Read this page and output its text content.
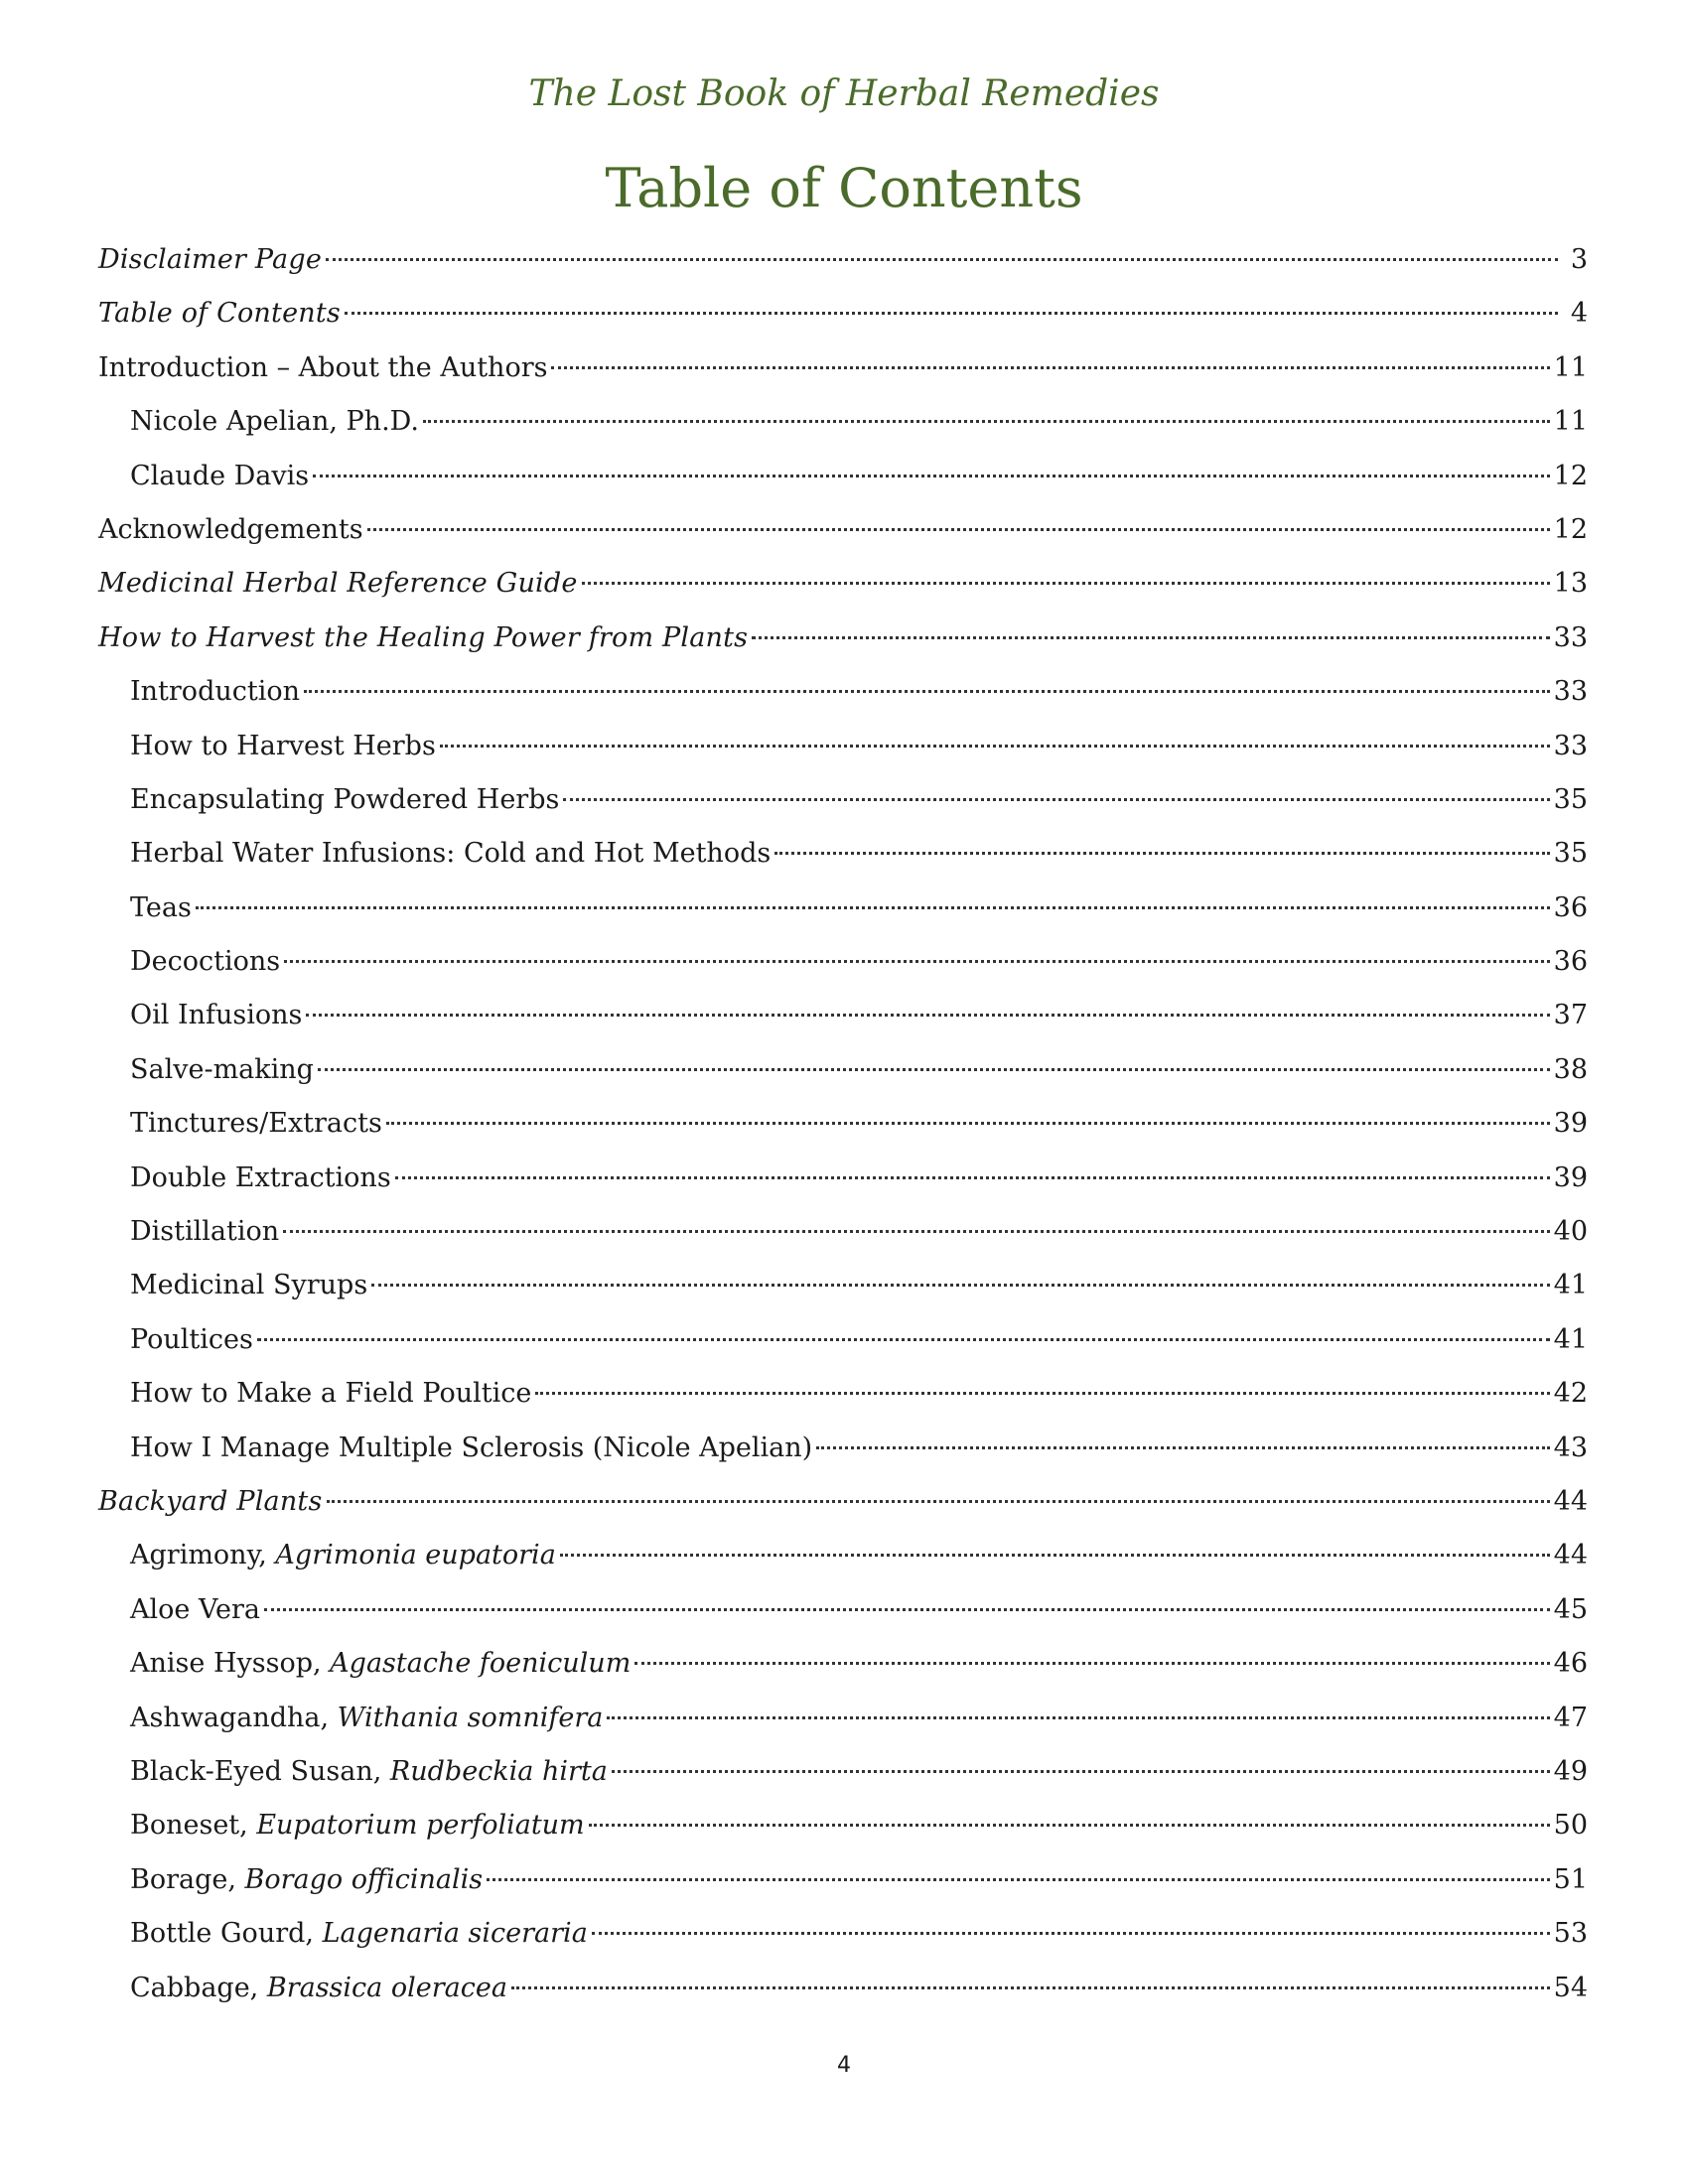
The Lost Book of Herbal Remedies
Table of Contents
Disclaimer Page	3
Table of Contents	4
Introduction – About the Authors	11
Nicole Apelian, Ph.D.	11
Claude Davis	12
Acknowledgements	12
Medicinal Herbal Reference Guide	13
How to Harvest the Healing Power from Plants	33
Introduction	33
How to Harvest Herbs	33
Encapsulating Powdered Herbs	35
Herbal Water Infusions: Cold and Hot Methods	35
Teas	36
Decoctions	36
Oil Infusions	37
Salve-making	38
Tinctures/Extracts	39
Double Extractions	39
Distillation	40
Medicinal Syrups	41
Poultices	41
How to Make a Field Poultice	42
How I Manage Multiple Sclerosis (Nicole Apelian)	43
Backyard Plants	44
Agrimony, Agrimonia eupatoria	44
Aloe Vera	45
Anise Hyssop, Agastache foeniculum	46
Ashwagandha, Withania somnifera	47
Black-Eyed Susan, Rudbeckia hirta	49
Boneset, Eupatorium perfoliatum	50
Borage, Borago officinalis	51
Bottle Gourd, Lagenaria siceraria	53
Cabbage, Brassica oleracea	54
4
